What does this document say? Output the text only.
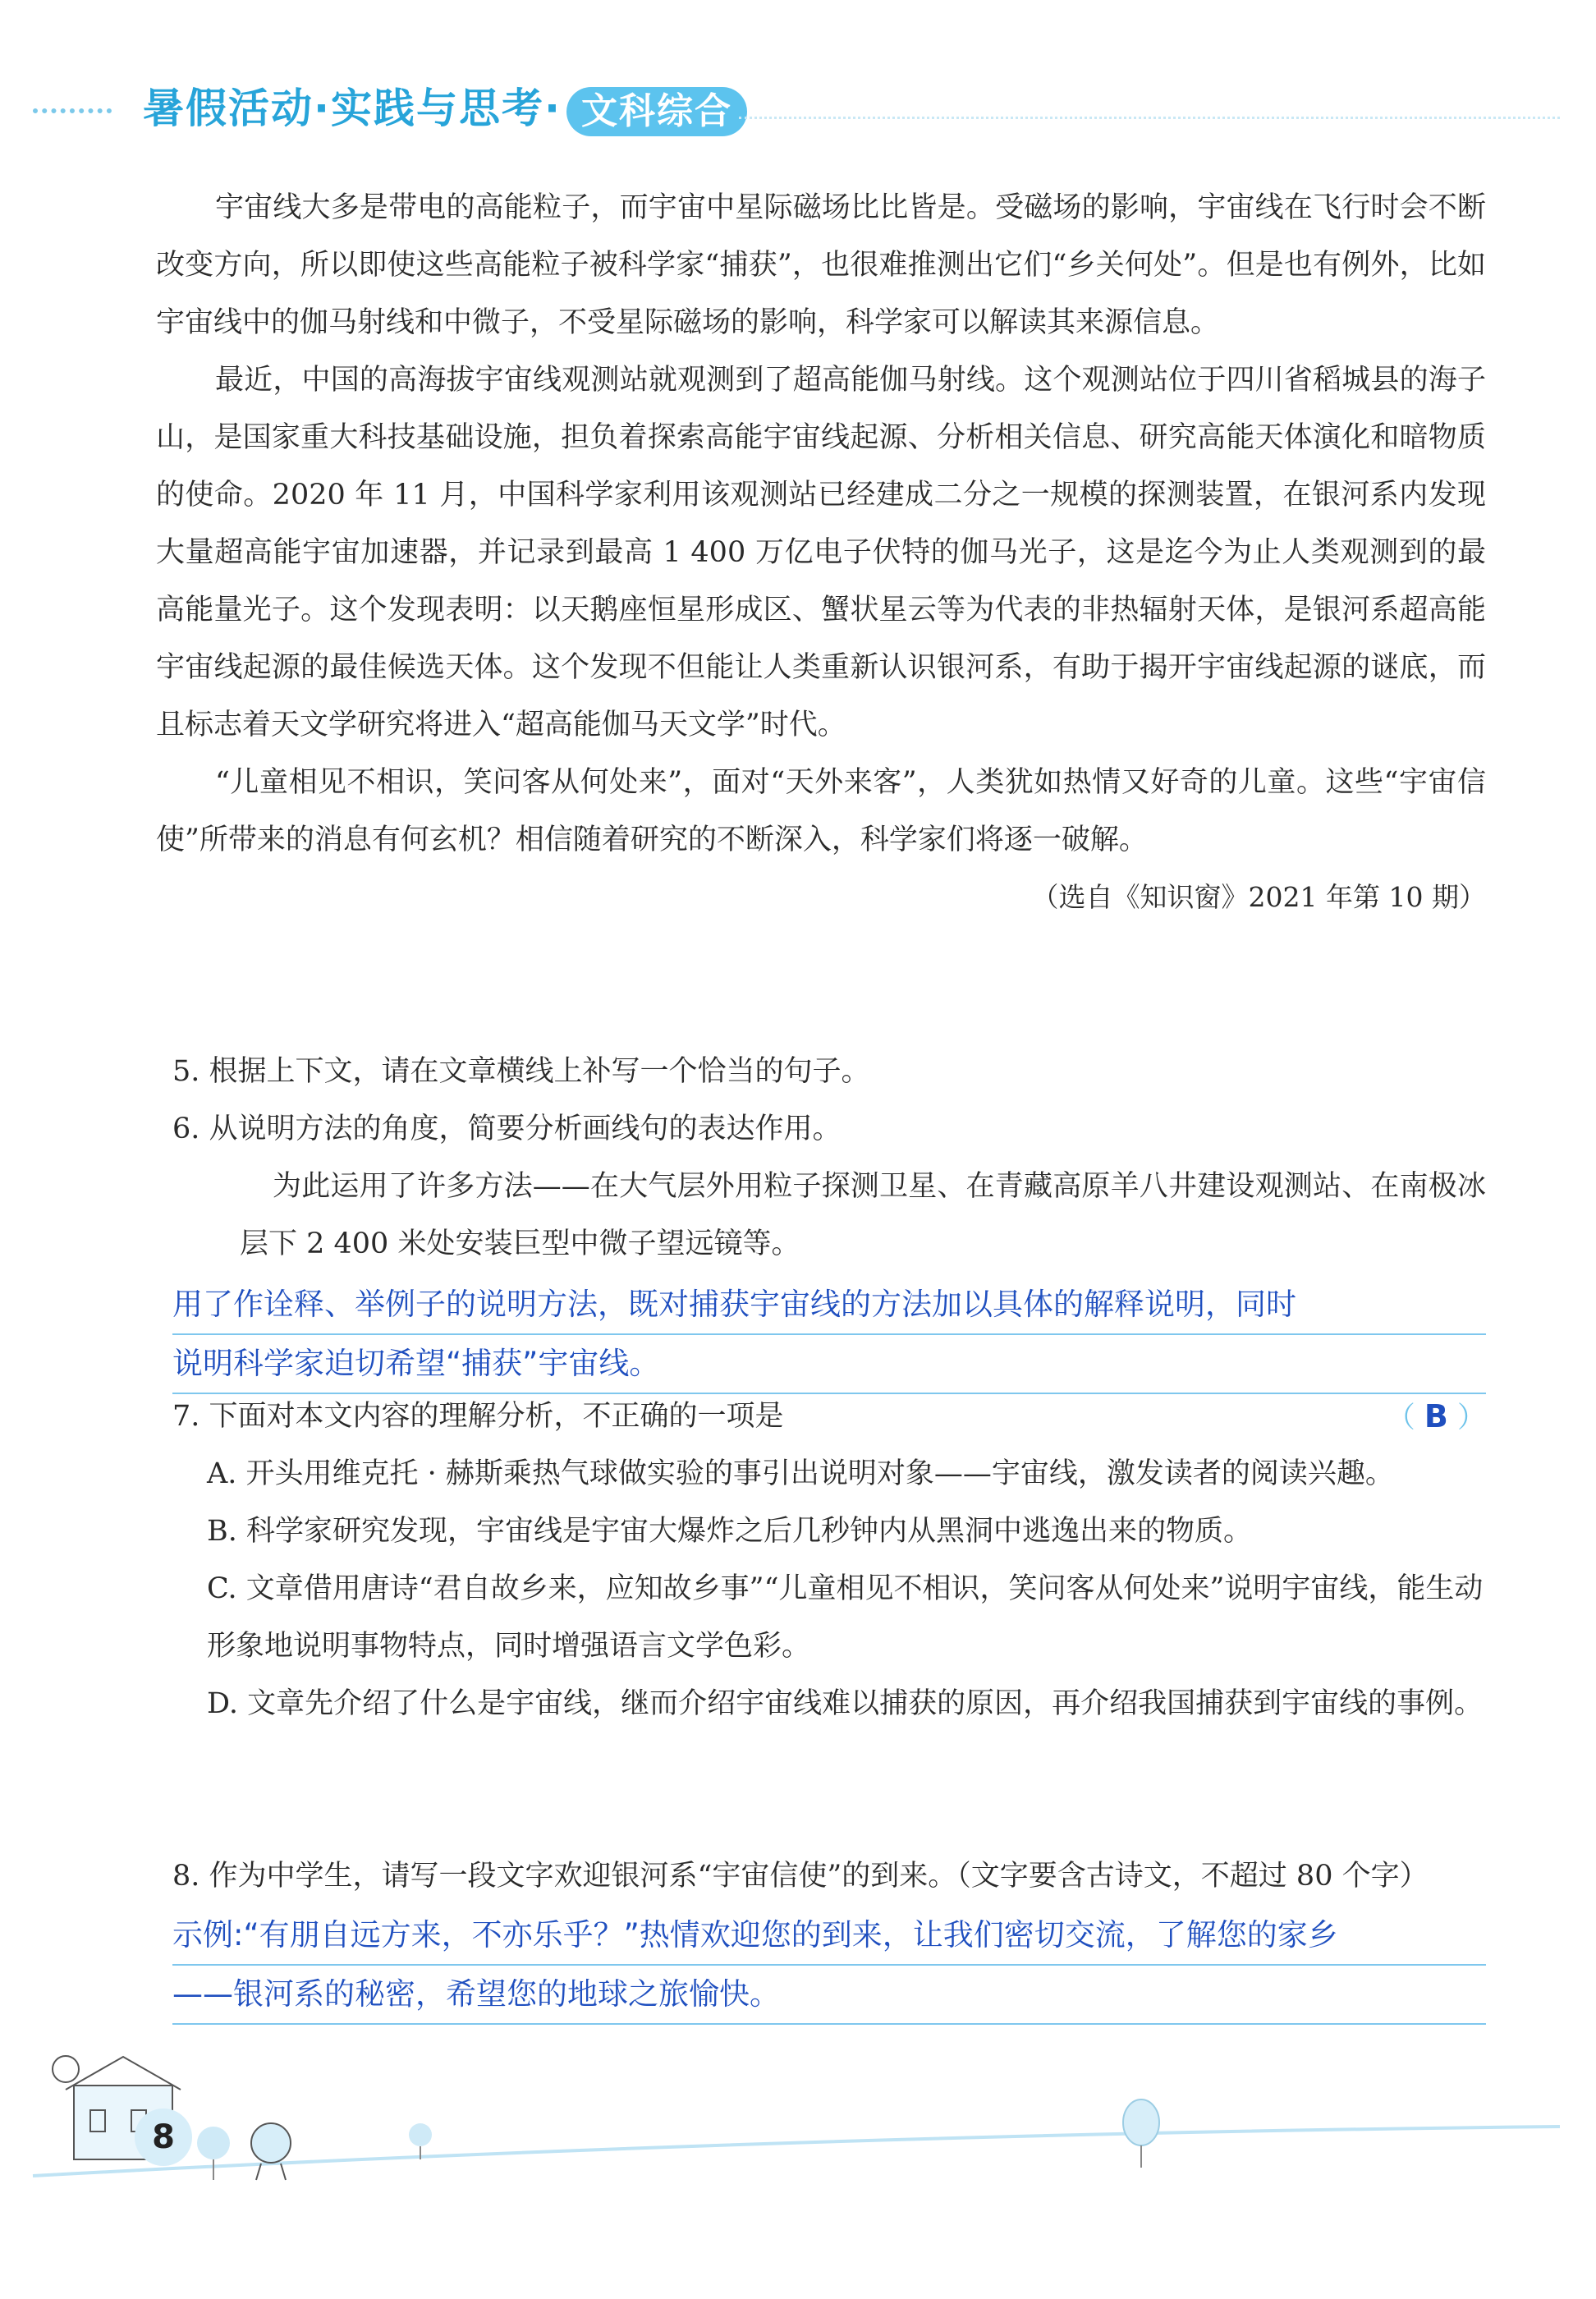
暑假活动·实践与思考· 文科综合

宇宙线大多是带电的高能粒子，而宇宙中星际磁场比比皆是。受磁场的影响，宇宙线在飞行时会不断改变方向，所以即使这些高能粒子被科学家“捕获”，也很难推测出它们“乡关何处”。但是也有例外，比如宇宙线中的伽马射线和中微子，不受星际磁场的影响，科学家可以解读其来源信息。

最近，中国的高海拔宇宙线观测站就观测到了超高能伽马射线。这个观测站位于四川省稻城县的海子山，是国家重大科技基础设施，担负着探索高能宇宙线起源、分析相关信息、研究高能天体演化和暗物质的使命。2020 年 11 月，中国科学家利用该观测站已经建成二分之一规模的探测装置，在银河系内发现大量超高能宇宙加速器，并记录到最高 1 400 万亿电子伏特的伽马光子，这是迄今为止人类观测到的最高能量光子。这个发现表明：以天鹅座恒星形成区、蟹状星云等为代表的非热辐射天体，是银河系超高能宇宙线起源的最佳候选天体。这个发现不但能让人类重新认识银河系，有助于揭开宇宙线起源的谜底，而且标志着天文学研究将进入“超高能伽马天文学”时代。

“儿童相见不相识，笑问客从何处来”，面对“天外来客”，人类犹如热情又好奇的儿童。这些“宇宙信使”所带来的消息有何玄机？相信随着研究的不断深入，科学家们将逐一破解。

（选自《知识窗》2021 年第 10 期）

5. 根据上下文，请在文章横线上补写一个恰当的句子。

6. 从说明方法的角度，简要分析画线句的表达作用。

为此运用了许多方法——在大气层外用粒子探测卫星、在青藏高原羊八井建设观测站、在南极冰层下 2 400 米处安装巨型中微子望远镜等。

用了作诠释、举例子的说明方法，既对捕获宇宙线的方法加以具体的解释说明，同时
说明科学家迫切希望“捕获”宇宙线。

7. 下面对本文内容的理解分析，不正确的一项是	（ B ）

A. 开头用维克托 · 赫斯乘热气球做实验的事引出说明对象——宇宙线，激发读者的阅读兴趣。

B. 科学家研究发现，宇宙线是宇宙大爆炸之后几秒钟内从黑洞中逃逸出来的物质。

C. 文章借用唐诗“君自故乡来，应知故乡事”“儿童相见不相识，笑问客从何处来”说明宇宙线，能生动形象地说明事物特点，同时增强语言文学色彩。

D. 文章先介绍了什么是宇宙线，继而介绍宇宙线难以捕获的原因，再介绍我国捕获到宇宙线的事例。

8. 作为中学生，请写一段文字欢迎银河系“宇宙信使”的到来。（文字要含古诗文，不超过 80 个字）

示例:“有朋自远方来，不亦乐乎？”热情欢迎您的到来，让我们密切交流，了解您的家乡
——银河系的秘密，希望您的地球之旅愉快。
8
